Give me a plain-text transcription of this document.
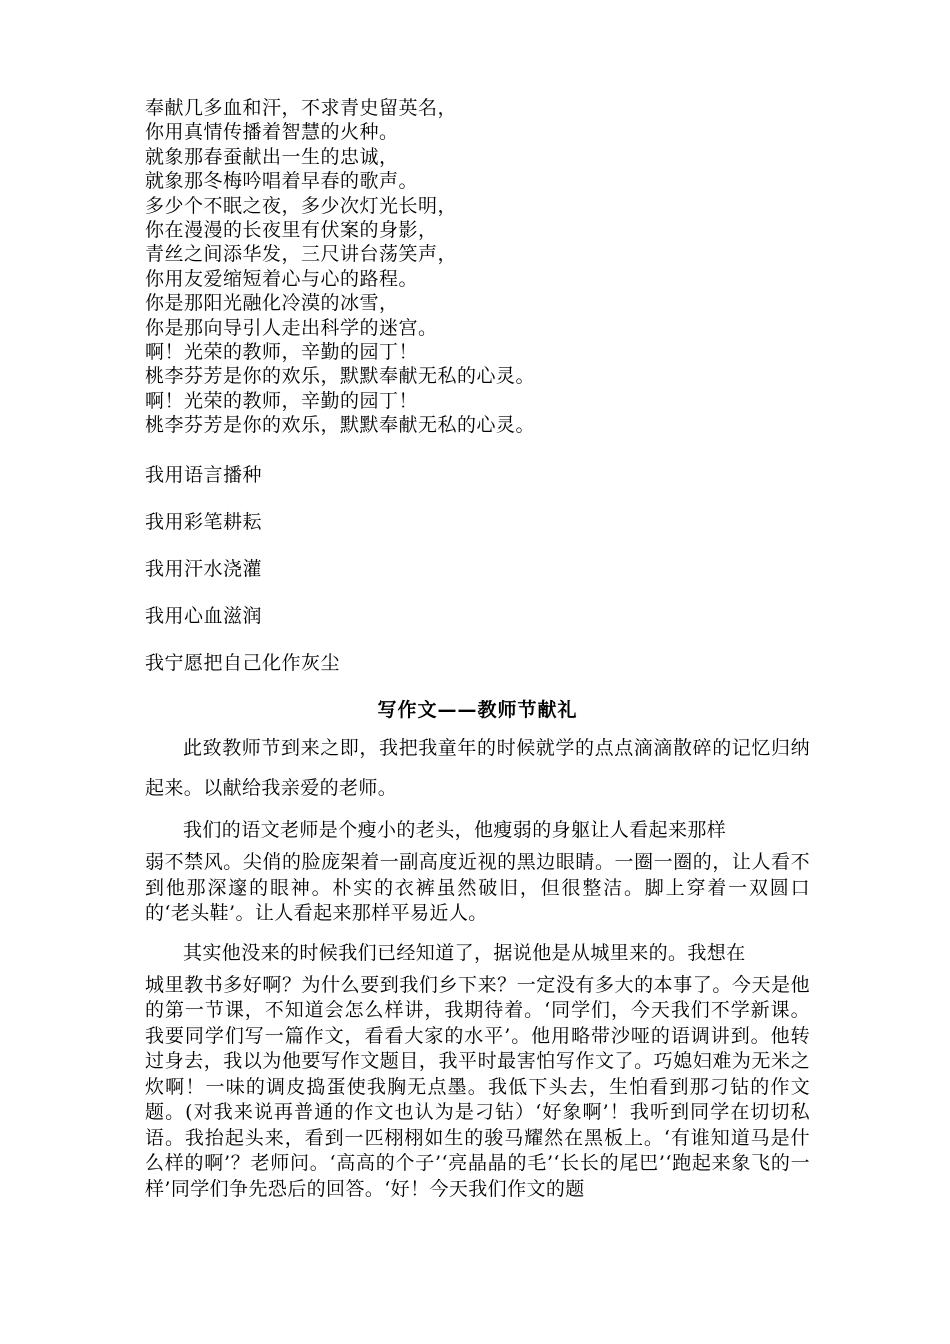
奉献几多血和汗，不求青史留英名，
你用真情传播着智慧的火种。
就象那春蚕献出一生的忠诚，
就象那冬梅吟唱着早春的歌声。
多少个不眠之夜，多少次灯光长明，
你在漫漫的长夜里有伏案的身影，
青丝之间添华发，三尺讲台荡笑声，
你用友爱缩短着心与心的路程。
你是那阳光融化冷漠的冰雪，
你是那向导引人走出科学的迷宫。
啊！光荣的教师，辛勤的园丁！
桃李芬芳是你的欢乐，默默奉献无私的心灵。
啊！光荣的教师，辛勤的园丁！
桃李芬芳是你的欢乐，默默奉献无私的心灵。
我用语言播种
我用彩笔耕耘
我用汗水浇灌
我用心血滋润
我宁愿把自己化作灰尘
写作文——教师节献礼
此致教师节到来之即，我把我童年的时候就学的点点滴滴散碎的记忆归纳起来。以献给我亲爱的老师。
我们的语文老师是个瘦小的老头，他瘦弱的身躯让人看起来那样
弱不禁风。尖俏的脸庞架着一副高度近视的黑边眼睛。一圈一圈的，让人看不到他那深邃的眼神。朴实的衣裤虽然破旧，但很整洁。脚上穿着一双圆口的‘老头鞋’。让人看起来那样平易近人。
其实他没来的时候我们已经知道了，据说他是从城里来的。我想在
城里教书多好啊？为什么要到我们乡下来？一定没有多大的本事了。今天是他的第一节课，不知道会怎么样讲，我期待着。‘同学们，今天我们不学新课。我要同学们写一篇作文，看看大家的水平’。他用略带沙哑的语调讲到。他转过身去，我以为他要写作文题目，我平时最害怕写作文了。巧媳妇难为无米之炊啊！一味的调皮捣蛋使我胸无点墨。我低下头去，生怕看到那刁钻的作文题。(对我来说再普通的作文也认为是刁钻）‘好象啊’！我听到同学在切切私语。我抬起头来，看到一匹栩栩如生的骏马耀然在黑板上。‘有谁知道马是什么样的啊’？老师问。‘高高的个子’‘亮晶晶的毛’‘长长的尾巴’‘跑起来象飞的一样’同学们争先恐后的回答。‘好！今天我们作文的题
